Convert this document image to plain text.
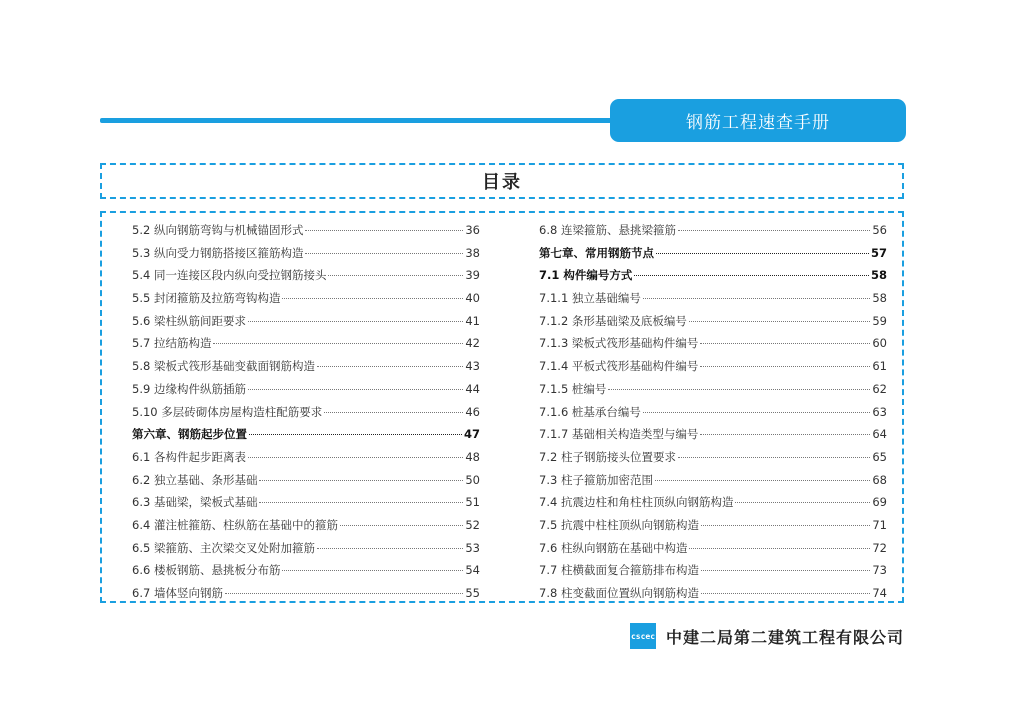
钢筋工程速查手册
目录
5.2 纵向钢筋弯钩与机械锚固形式	36
5.3 纵向受力钢筋搭接区箍筋构造	38
5.4 同一连接区段内纵向受拉钢筋接头	39
5.5 封闭箍筋及拉筋弯钩构造	40
5.6 梁柱纵筋间距要求	41
5.7 拉结筋构造	42
5.8 梁板式筏形基础变截面钢筋构造	43
5.9 边缘构件纵筋插筋	44
5.10 多层砖砌体房屋构造柱配筋要求	46
第六章、钢筋起步位置	47
6.1 各构件起步距离表	48
6.2 独立基础、条形基础	50
6.3 基础梁，梁板式基础	51
6.4 灌注桩箍筋、柱纵筋在基础中的箍筋	52
6.5 梁箍筋、主次梁交叉处附加箍筋	53
6.6 楼板钢筋、悬挑板分布筋	54
6.7 墙体竖向钢筋	55
6.8 连梁箍筋、悬挑梁箍筋	56
第七章、常用钢筋节点	57
7.1 构件编号方式	58
7.1.1 独立基础编号	58
7.1.2 条形基础梁及底板编号	59
7.1.3 梁板式筏形基础构件编号	60
7.1.4 平板式筏形基础构件编号	61
7.1.5 桩编号	62
7.1.6 桩基承台编号	63
7.1.7 基础相关构造类型与编号	64
7.2 柱子钢筋接头位置要求	65
7.3 柱子箍筋加密范围	68
7.4 抗震边柱和角柱柱顶纵向钢筋构造	69
7.5 抗震中柱柱顶纵向钢筋构造	71
7.6 柱纵向钢筋在基础中构造	72
7.7 柱横截面复合箍筋排布构造	73
7.8 柱变截面位置纵向钢筋构造	74
cscec 中建二局第二建筑工程有限公司
